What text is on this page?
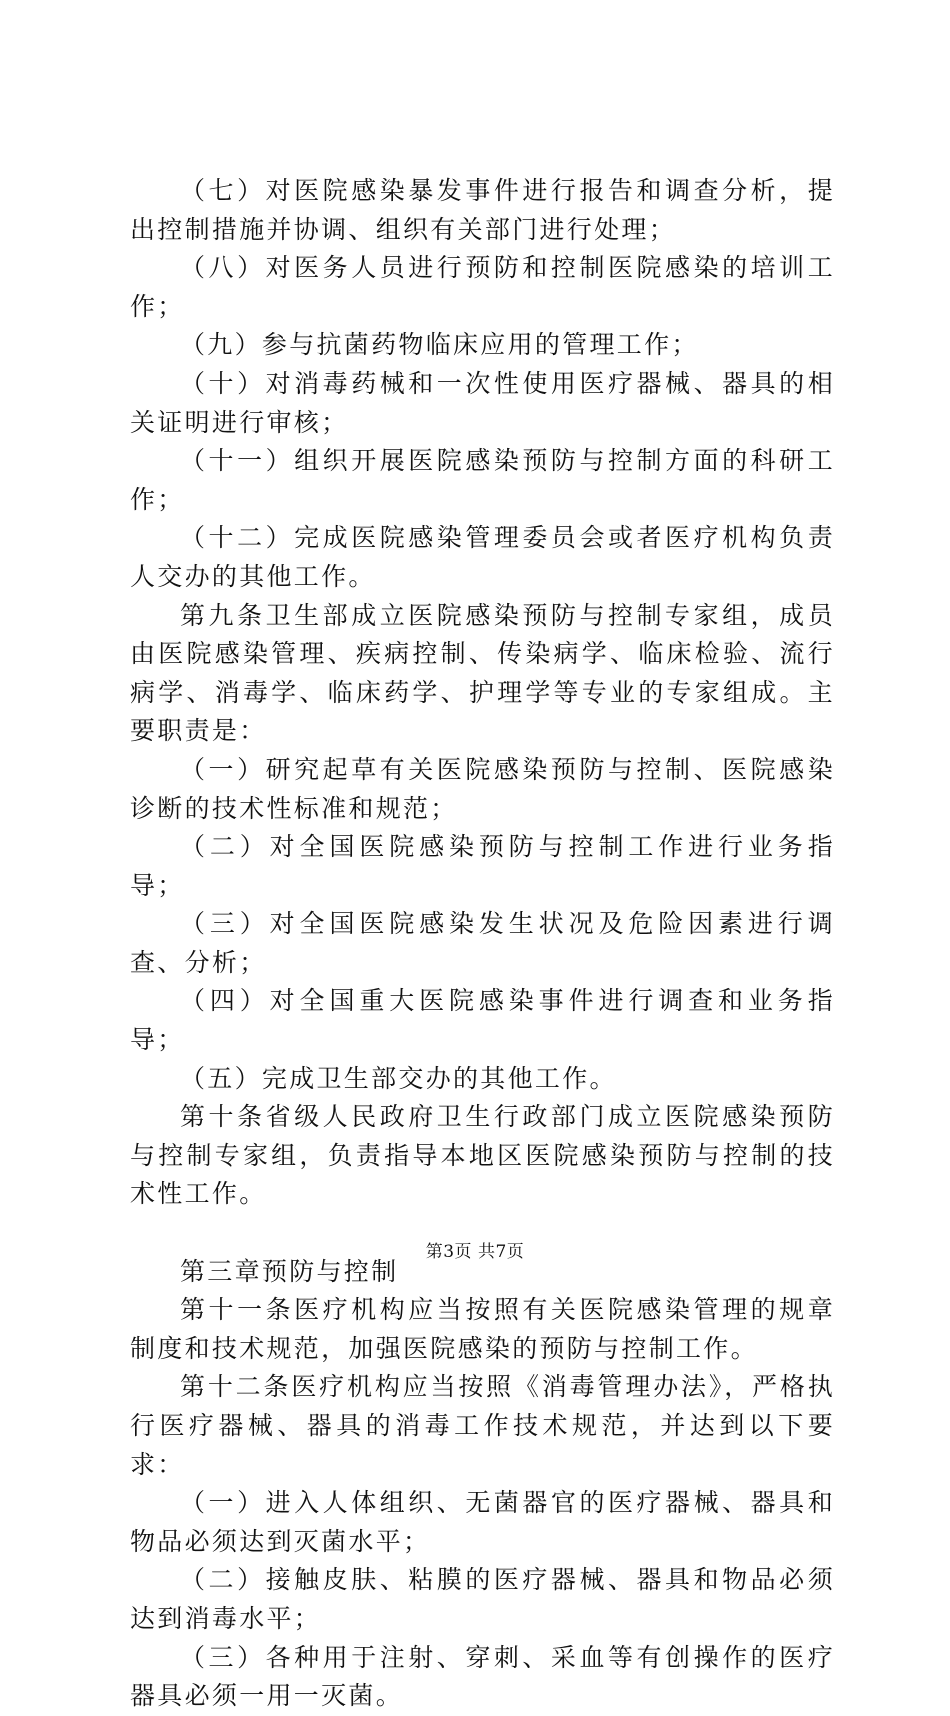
（七）对医院感染暴发事件进行报告和调查分析，提出控制措施并协调、组织有关部门进行处理；

（八）对医务人员进行预防和控制医院感染的培训工作；

（九）参与抗菌药物临床应用的管理工作；

（十）对消毒药械和一次性使用医疗器械、器具的相关证明进行审核；

（十一）组织开展医院感染预防与控制方面的科研工作；

（十二）完成医院感染管理委员会或者医疗机构负责人交办的其他工作。

第九条卫生部成立医院感染预防与控制专家组，成员由医院感染管理、疾病控制、传染病学、临床检验、流行病学、消毒学、临床药学、护理学等专业的专家组成。主要职责是：

（一）研究起草有关医院感染预防与控制、医院感染诊断的技术性标准和规范；

（二）对全国医院感染预防与控制工作进行业务指导；

（三）对全国医院感染发生状况及危险因素进行调查、分析；

（四）对全国重大医院感染事件进行调查和业务指导；

（五）完成卫生部交办的其他工作。

第十条省级人民政府卫生行政部门成立医院感染预防与控制专家组，负责指导本地区医院感染预防与控制的技术性工作。

第三章预防与控制

第十一条医疗机构应当按照有关医院感染管理的规章制度和技术规范，加强医院感染的预防与控制工作。

第十二条医疗机构应当按照《消毒管理办法》，严格执行医疗器械、器具的消毒工作技术规范，并达到以下要求：

（一）进入人体组织、无菌器官的医疗器械、器具和物品必须达到灭菌水平；

（二）接触皮肤、粘膜的医疗器械、器具和物品必须达到消毒水平；

（三）各种用于注射、穿刺、采血等有创操作的医疗器具必须一用一灭菌。

第3页 共7页
